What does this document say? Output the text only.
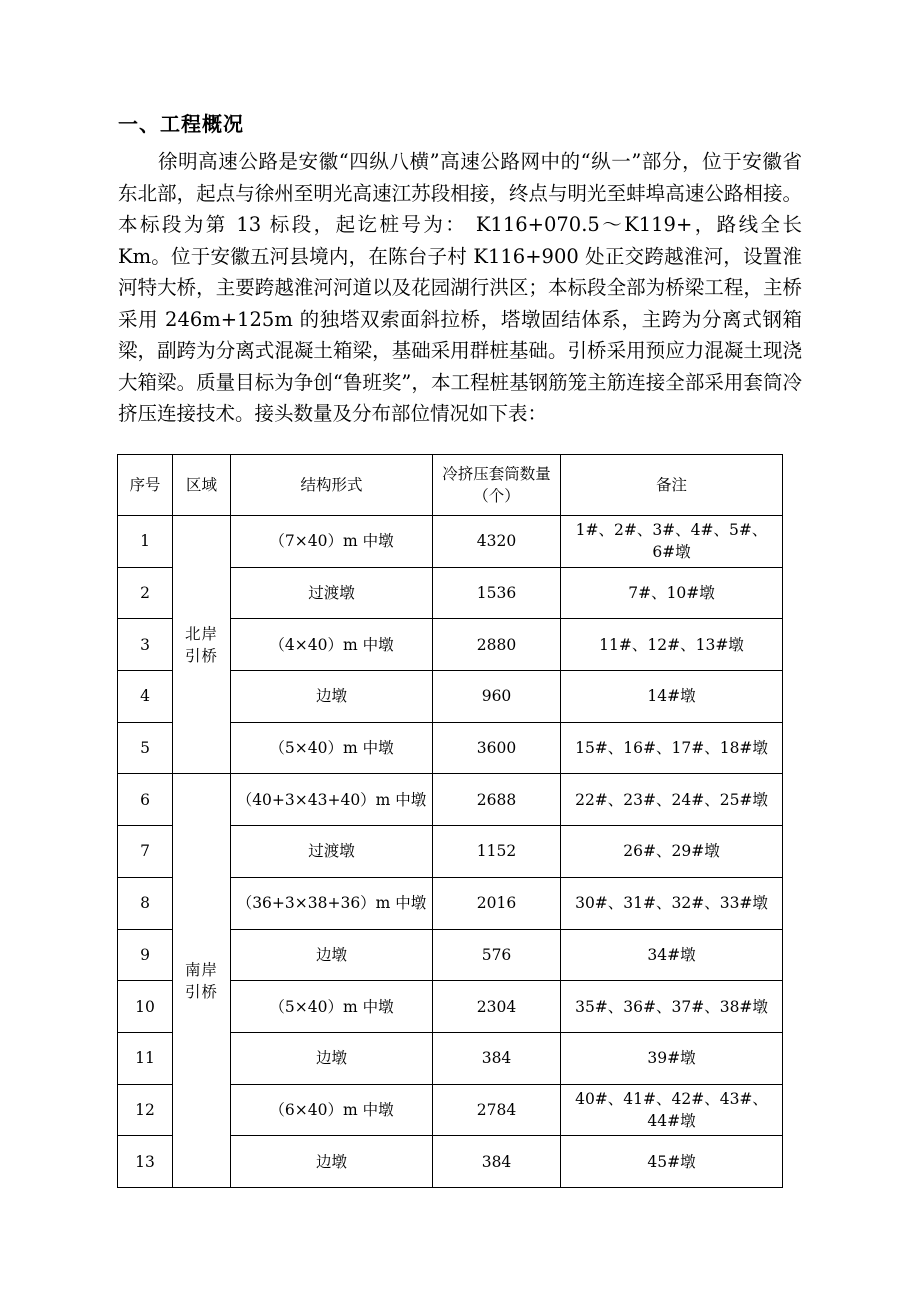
一、工程概况

徐明高速公路是安徽“四纵八横”高速公路网中的“纵一”部分，位于安徽省东北部，起点与徐州至明光高速江苏段相接，终点与明光至蚌埠高速公路相接。本标段为第 13 标段，起讫桩号为： K116+070.5～K119+，路线全长 Km。位于安徽五河县境内，在陈台子村 K116+900 处正交跨越淮河，设置淮河特大桥，主要跨越淮河河道以及花园湖行洪区；本标段全部为桥梁工程，主桥采用 246m+125m 的独塔双索面斜拉桥，塔墩固结体系，主跨为分离式钢箱梁，副跨为分离式混凝土箱梁，基础采用群桩基础。引桥采用预应力混凝土现浇大箱梁。质量目标为争创“鲁班奖”，本工程桩基钢筋笼主筋连接全部采用套筒冷挤压连接技术。接头数量及分布部位情况如下表：

序号	区域	结构形式	冷挤压套筒数量（个）	备注
1	北岸引桥	（7×40）m 中墩	4320	1#、2#、3#、4#、5#、6#墩
2		过渡墩	1536	7#、10#墩
3		（4×40）m 中墩	2880	11#、12#、13#墩
4		边墩	960	14#墩
5		（5×40）m 中墩	3600	15#、16#、17#、18#墩
6	南岸引桥	（40+3×43+40）m 中墩	2688	22#、23#、24#、25#墩
7		过渡墩	1152	26#、29#墩
8		（36+3×38+36）m 中墩	2016	30#、31#、32#、33#墩
9		边墩	576	34#墩
10		（5×40）m 中墩	2304	35#、36#、37#、38#墩
11		边墩	384	39#墩
12		（6×40）m 中墩	2784	40#、41#、42#、43#、44#墩
13		边墩	384	45#墩
